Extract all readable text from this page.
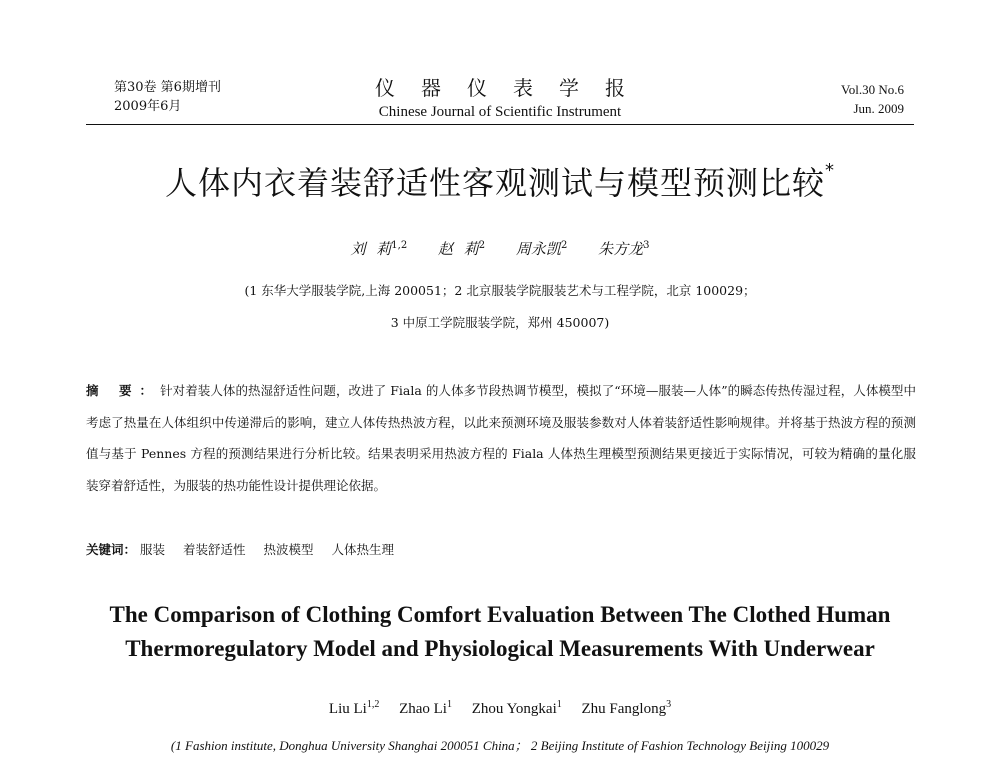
第30卷 第6期增刊
2009年6月
仪器仪表学报
Chinese Journal of Scientific Instrument
Vol.30 No.6
Jun. 2009
人体内衣着装舒适性客观测试与模型预测比较*
刘 莉$^{1,2}$ 赵 莉$^2$ 周永凯$^2$ 朱方龙$^3$
(1 东华大学服装学院,上海 200051；2 北京服装学院服装艺术与工程学院，北京 100029；
3 中原工学院服装学院，郑州 450007)
摘 要：针对着装人体的热湿舒适性问题，改进了 Fiala 的人体多节段热调节模型，模拟了“环境—服装—人体”的瞬态传热传湿过程，人体模型中考虑了热量在人体组织中传递滞后的影响，建立人体传热热波方程，以此来预测环境及服装参数对人体着装舒适性影响规律。并将基于热波方程的预测值与基于 Pennes 方程的预测结果进行分析比较。结果表明采用热波方程的 Fiala 人体热生理模型预测结果更接近于实际情况，可较为精确的量化服装穿着舒适性，为服装的热功能性设计提供理论依据。
关键词： 服装 着装舒适性 热波模型 人体热生理
The Comparison of Clothing Comfort Evaluation Between The Clothed Human
Thermoregulatory Model and Physiological Measurements With Underwear
Liu Li$^{1,2}$ Zhao Li$^1$ Zhou Yongkai$^1$ Zhu Fanglong$^3$
(1 Fashion institute, Donghua University Shanghai 200051 China； 2 Beijing Institute of Fashion Technology Beijing 100029
